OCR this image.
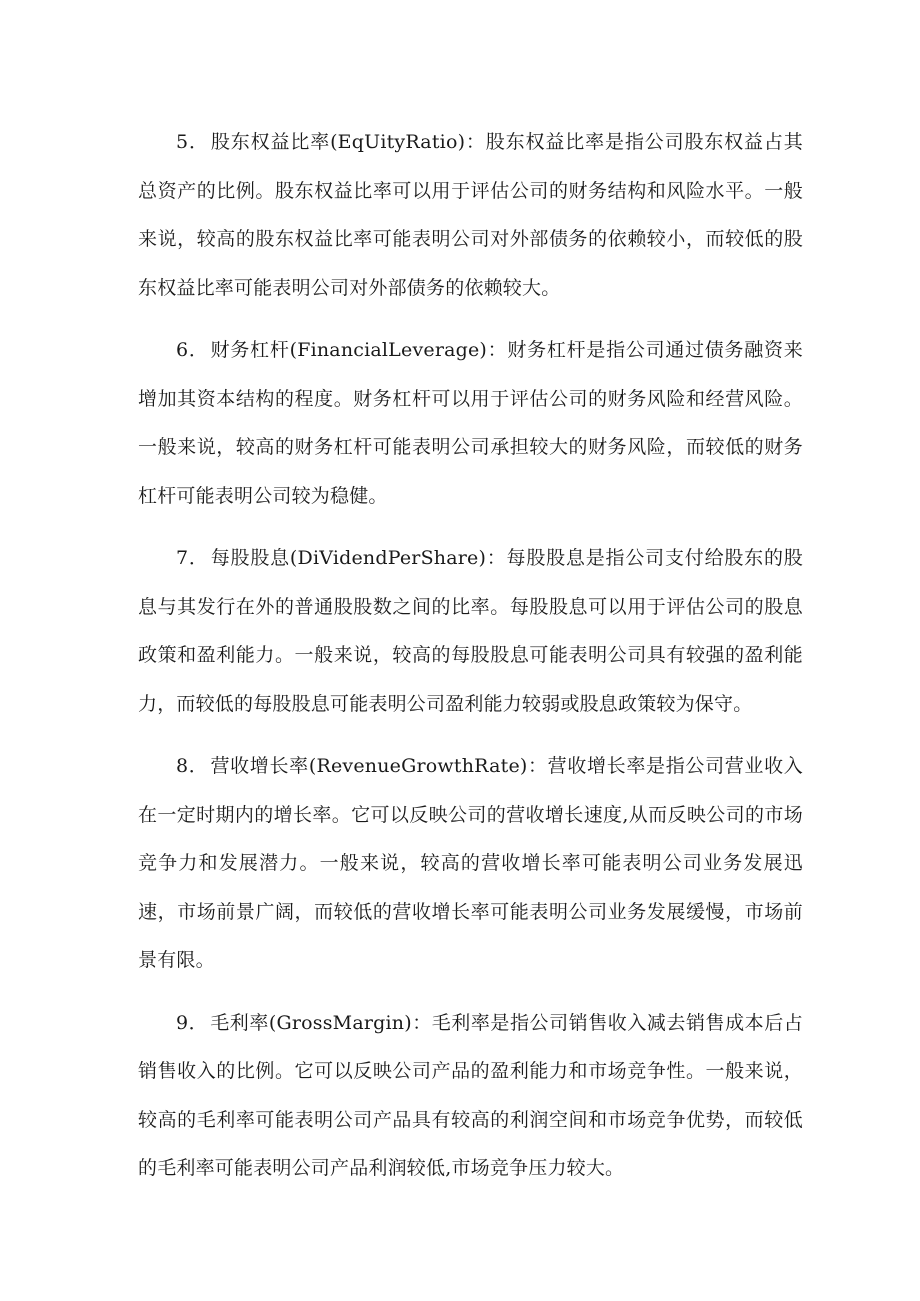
5． 股东权益比率(EqUityRatio)：股东权益比率是指公司股东权益占其总资产的比例。股东权益比率可以用于评估公司的财务结构和风险水平。一般来说，较高的股东权益比率可能表明公司对外部债务的依赖较小，而较低的股东权益比率可能表明公司对外部债务的依赖较大。

6． 财务杠杆(FinancialLeverage)：财务杠杆是指公司通过债务融资来增加其资本结构的程度。财务杠杆可以用于评估公司的财务风险和经营风险。一般来说，较高的财务杠杆可能表明公司承担较大的财务风险，而较低的财务杠杆可能表明公司较为稳健。

7． 每股股息(DiVidendPerShare)：每股股息是指公司支付给股东的股息与其发行在外的普通股股数之间的比率。每股股息可以用于评估公司的股息政策和盈利能力。一般来说，较高的每股股息可能表明公司具有较强的盈利能力，而较低的每股股息可能表明公司盈利能力较弱或股息政策较为保守。

8． 营收增长率(RevenueGrowthRate)：营收增长率是指公司营业收入在一定时期内的增长率。它可以反映公司的营收增长速度,从而反映公司的市场竞争力和发展潜力。一般来说，较高的营收增长率可能表明公司业务发展迅速，市场前景广阔，而较低的营收增长率可能表明公司业务发展缓慢，市场前景有限。

9． 毛利率(GrossMargin)：毛利率是指公司销售收入减去销售成本后占销售收入的比例。它可以反映公司产品的盈利能力和市场竞争性。一般来说，较高的毛利率可能表明公司产品具有较高的利润空间和市场竞争优势，而较低的毛利率可能表明公司产品利润较低,市场竞争压力较大。
